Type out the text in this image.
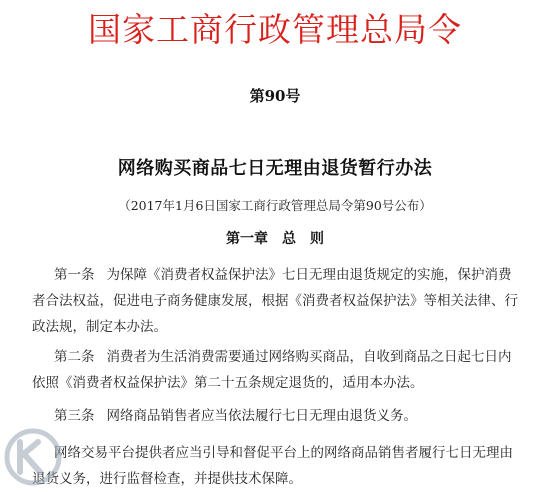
国家工商行政管理总局令
第90号
网络购买商品七日无理由退货暂行办法
（2017年1月6日国家工商行政管理总局令第90号公布）
第一章　总　则
第一条 为保障《消费者权益保护法》七日无理由退货规定的实施，保护消费者合法权益，促进电子商务健康发展，根据《消费者权益保护法》等相关法律、行政法规，制定本办法。
第二条 消费者为生活消费需要通过网络购买商品，自收到商品之日起七日内依照《消费者权益保护法》第二十五条规定退货的，适用本办法。
第三条 网络商品销售者应当依法履行七日无理由退货义务。
网络交易平台提供者应当引导和督促平台上的网络商品销售者履行七日无理由退货义务，进行监督检查，并提供技术保障。
